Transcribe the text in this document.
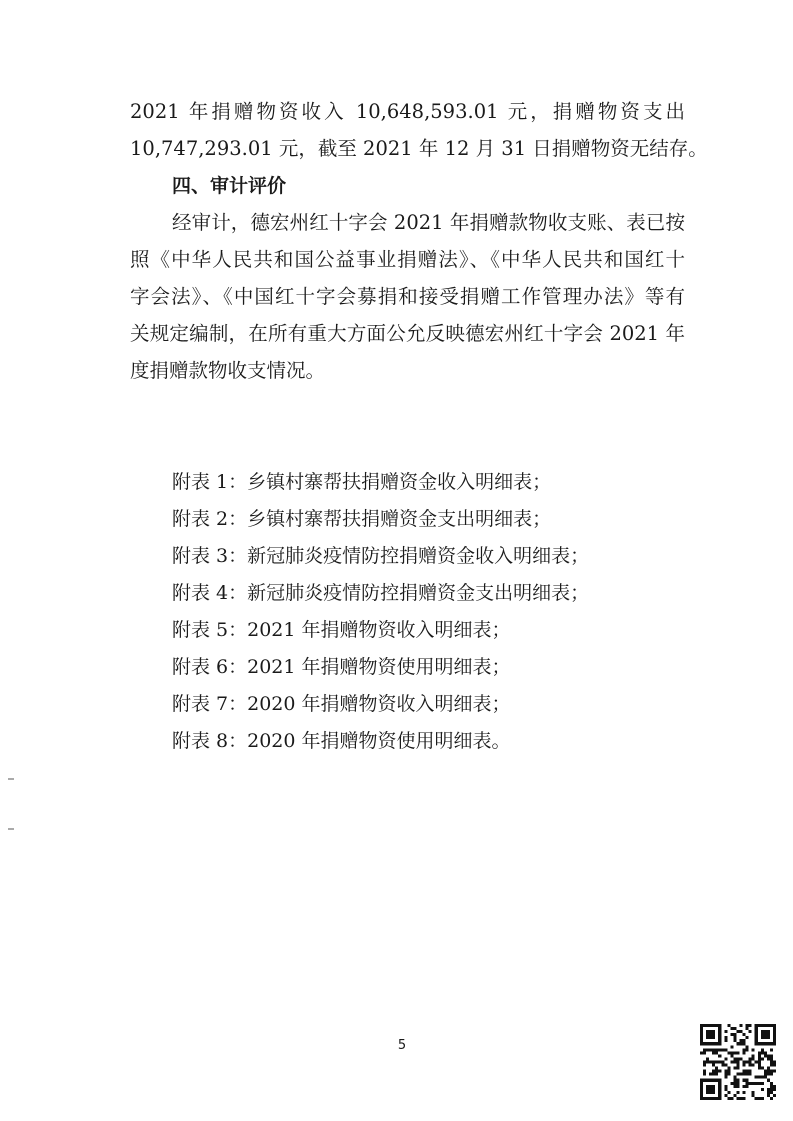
2021 年捐赠物资收入 10,648,593.01 元，捐赠物资支出
10,747,293.01 元，截至 2021 年 12 月 31 日捐赠物资无结存。
四、审计评价
经审计，德宏州红十字会 2021 年捐赠款物收支账、表已按
照《中华人民共和国公益事业捐赠法》、《中华人民共和国红十
字会法》、《中国红十字会募捐和接受捐赠工作管理办法》等有
关规定编制，在所有重大方面公允反映德宏州红十字会 2021 年
度捐赠款物收支情况。
附表 1：乡镇村寨帮扶捐赠资金收入明细表；
附表 2：乡镇村寨帮扶捐赠资金支出明细表；
附表 3：新冠肺炎疫情防控捐赠资金收入明细表；
附表 4：新冠肺炎疫情防控捐赠资金支出明细表；
附表 5：2021 年捐赠物资收入明细表；
附表 6：2021 年捐赠物资使用明细表；
附表 7：2020 年捐赠物资收入明细表；
附表 8：2020 年捐赠物资使用明细表。
5
